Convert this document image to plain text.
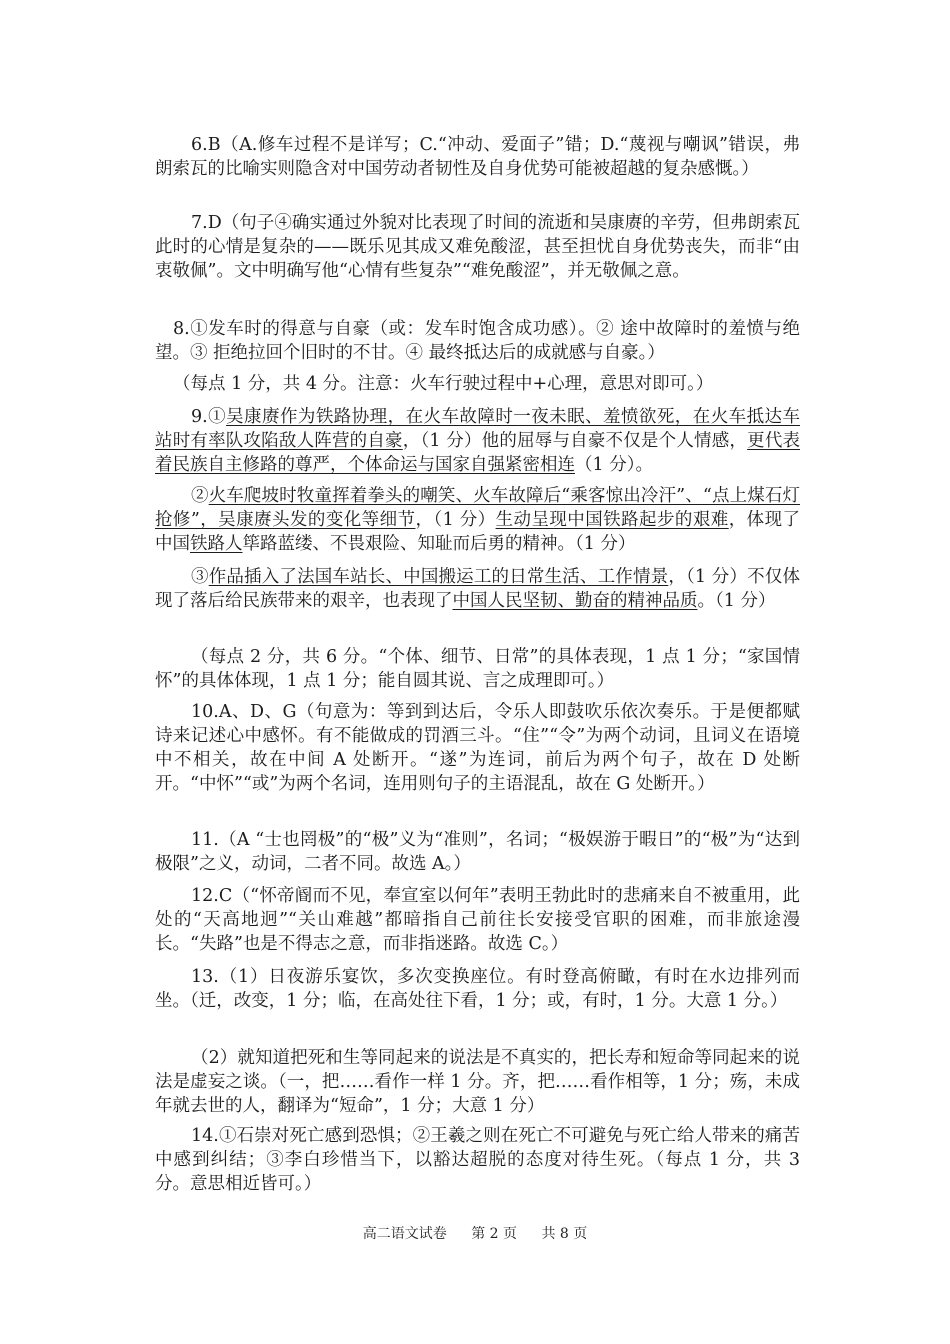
6.B（A.修车过程不是详写；C.“冲动、爱面子”错；D.“蔑视与嘲讽”错误，弗朗索瓦的比喻实则隐含对中国劳动者韧性及自身优势可能被超越的复杂感慨。）
7.D（句子④确实通过外貌对比表现了时间的流逝和吴康赓的辛劳，但弗朗索瓦此时的心情是复杂的——既乐见其成又难免酸涩，甚至担忧自身优势丧失，而非“由衷敬佩”。文中明确写他“心情有些复杂”“难免酸涩”，并无敬佩之意。
8.①发车时的得意与自豪（或：发车时饱含成功感）。② 途中故障时的羞愤与绝望。③ 拒绝拉回个旧时的不甘。④ 最终抵达后的成就感与自豪。）
（每点 1 分，共 4 分。注意：火车行驶过程中+心理，意思对即可。）
9.①吴康赓作为铁路协理，在火车故障时一夜未眠、羞愤欲死，在火车抵达车站时有率队攻陷敌人阵营的自豪，（1 分）他的屈辱与自豪不仅是个人情感，更代表着民族自主修路的尊严，个体命运与国家自强紧密相连（1 分）。
②火车爬坡时牧童挥着拳头的嘲笑、火车故障后“乘客惊出冷汗”、“点上煤石灯抢修”，吴康赓头发的变化等细节，（1 分）生动呈现中国铁路起步的艰难，体现了中国铁路人筚路蓝缕、不畏艰险、知耻而后勇的精神。（1 分）
③作品插入了法国车站长、中国搬运工的日常生活、工作情景，（1 分）不仅体现了落后给民族带来的艰辛，也表现了中国人民坚韧、勤奋的精神品质。（1 分）
（每点 2 分，共 6 分。“个体、细节、日常”的具体表现，1 点 1 分；“家国情怀”的具体体现，1 点 1 分；能自圆其说、言之成理即可。）
10.A、D、G（句意为：等到到达后，令乐人即鼓吹乐依次奏乐。于是便都赋诗来记述心中感怀。有不能做成的罚酒三斗。“住”“令”为两个动词，且词义在语境中不相关，故在中间 A 处断开。“遂”为连词，前后为两个句子，故在 D 处断开。“中怀”“或”为两个名词，连用则句子的主语混乱，故在 G 处断开。）
11.（A “士也罔极”的“极”义为“准则”，名词；“极娱游于暇日”的“极”为“达到极限”之义，动词，二者不同。故选 A。）
12.C（“怀帝阍而不见，奉宣室以何年”表明王勃此时的悲痛来自不被重用，此处的“天高地迥”“关山难越”都暗指自己前往长安接受官职的困难，而非旅途漫长。“失路”也是不得志之意，而非指迷路。故选 C。）
13.（1）日夜游乐宴饮，多次变换座位。有时登高俯瞰，有时在水边排列而坐。（迁，改变，1 分；临，在高处往下看，1 分；或，有时，1 分。大意 1 分。）
（2）就知道把死和生等同起来的说法是不真实的，把长寿和短命等同起来的说法是虚妄之谈。（一，把……看作一样 1 分。齐，把……看作相等，1 分；殇，未成年就去世的人，翻译为“短命”，1 分；大意 1 分）
14.①石崇对死亡感到恐惧；②王羲之则在死亡不可避免与死亡给人带来的痛苦中感到纠结；③李白珍惜当下，以豁达超脱的态度对待生死。（每点 1 分，共 3 分。意思相近皆可。）
高二语文试卷 第 2 页 共 8 页
